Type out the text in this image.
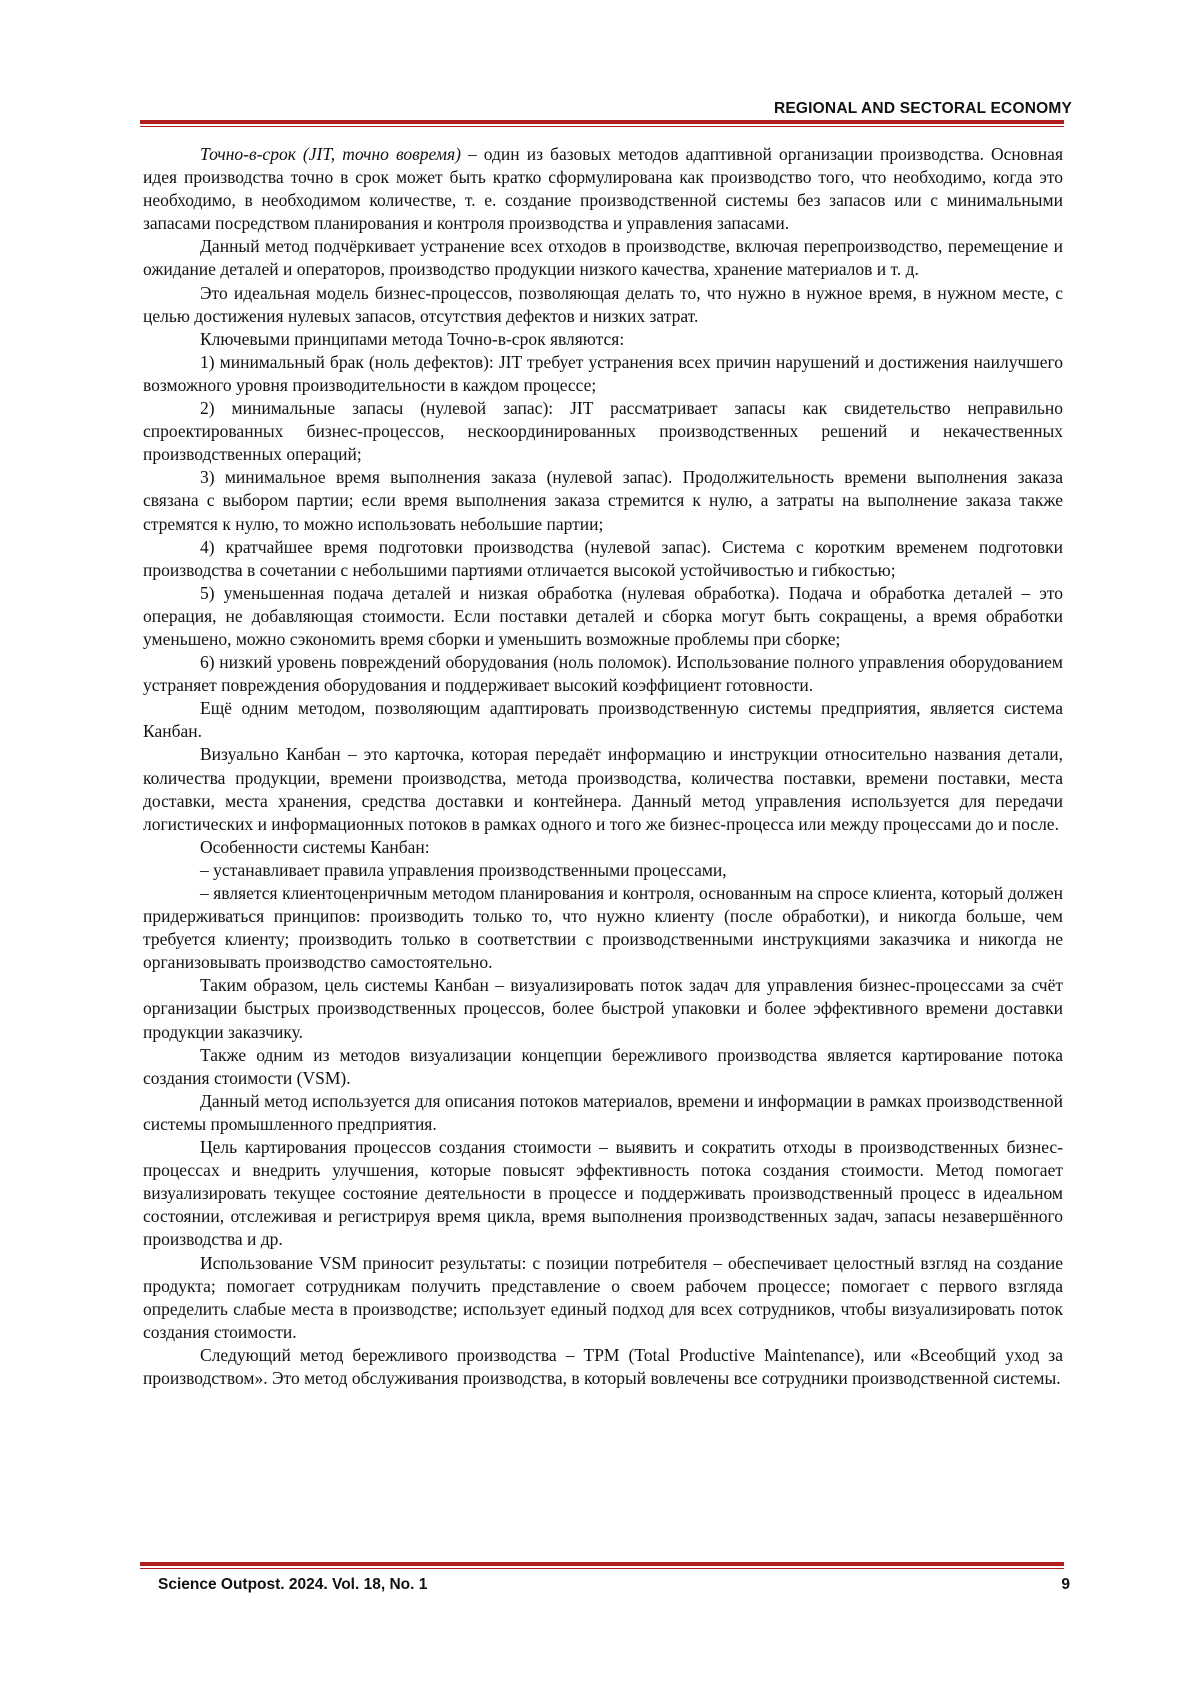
REGIONAL AND SECTORAL ECONOMY

Точно-в-срок (JIT, точно вовремя) – один из базовых методов адаптивной организации производства. Основная идея производства точно в срок может быть кратко сформулирована как производство того, что необходимо, когда это необходимо, в необходимом количестве, т. е. создание производственной системы без запасов или с минимальными запасами посредством планирования и контроля производства и управления запасами.

Данный метод подчёркивает устранение всех отходов в производстве, включая перепроизводство, перемещение и ожидание деталей и операторов, производство продукции низкого качества, хранение материалов и т. д.

Это идеальная модель бизнес-процессов, позволяющая делать то, что нужно в нужное время, в нужном месте, с целью достижения нулевых запасов, отсутствия дефектов и низких затрат.

Ключевыми принципами метода Точно-в-срок являются:

1) минимальный брак (ноль дефектов): JIT требует устранения всех причин нарушений и достижения наилучшего возможного уровня производительности в каждом процессе;

2) минимальные запасы (нулевой запас): JIT рассматривает запасы как свидетельство неправильно спроектированных бизнес-процессов, нескоординированных производственных решений и некачественных производственных операций;

3) минимальное время выполнения заказа (нулевой запас). Продолжительность времени выполнения заказа связана с выбором партии; если время выполнения заказа стремится к нулю, а затраты на выполнение заказа также стремятся к нулю, то можно использовать небольшие партии;

4) кратчайшее время подготовки производства (нулевой запас). Система с коротким временем подготовки производства в сочетании с небольшими партиями отличается высокой устойчивостью и гибкостью;

5) уменьшенная подача деталей и низкая обработка (нулевая обработка). Подача и обработка деталей – это операция, не добавляющая стоимости. Если поставки деталей и сборка могут быть сокращены, а время обработки уменьшено, можно сэкономить время сборки и уменьшить возможные проблемы при сборке;

6) низкий уровень повреждений оборудования (ноль поломок). Использование полного управления оборудованием устраняет повреждения оборудования и поддерживает высокий коэффициент готовности.

Ещё одним методом, позволяющим адаптировать производственную системы предприятия, является система Канбан.

Визуально Канбан – это карточка, которая передаёт информацию и инструкции относительно названия детали, количества продукции, времени производства, метода производства, количества поставки, времени поставки, места доставки, места хранения, средства доставки и контейнера. Данный метод управления используется для передачи логистических и информационных потоков в рамках одного и того же бизнес-процесса или между процессами до и после.

Особенности системы Канбан:

– устанавливает правила управления производственными процессами,

– является клиентоценричным методом планирования и контроля, основанным на спросе клиента, который должен придерживаться принципов: производить только то, что нужно клиенту (после обработки), и никогда больше, чем требуется клиенту; производить только в соответствии с производственными инструкциями заказчика и никогда не организовывать производство самостоятельно.

Таким образом, цель системы Канбан – визуализировать поток задач для управления бизнес-процессами за счёт организации быстрых производственных процессов, более быстрой упаковки и более эффективного времени доставки продукции заказчику.

Также одним из методов визуализации концепции бережливого производства является картирование потока создания стоимости (VSM).

Данный метод используется для описания потоков материалов, времени и информации в рамках производственной системы промышленного предприятия.

Цель картирования процессов создания стоимости – выявить и сократить отходы в производственных бизнес-процессах и внедрить улучшения, которые повысят эффективность потока создания стоимости. Метод помогает визуализировать текущее состояние деятельности в процессе и поддерживать производственный процесс в идеальном состоянии, отслеживая и регистрируя время цикла, время выполнения производственных задач, запасы незавершённого производства и др.

Использование VSM приносит результаты: с позиции потребителя – обеспечивает целостный взгляд на создание продукта; помогает сотрудникам получить представление о своем рабочем процессе; помогает с первого взгляда определить слабые места в производстве; использует единый подход для всех сотрудников, чтобы визуализировать поток создания стоимости.

Следующий метод бережливого производства – TPM (Total Productive Maintenance), или «Всеобщий уход за производством». Это метод обслуживания производства, в который вовлечены все сотрудники производственной системы.

Science Outpost. 2024. Vol. 18, No. 1	9
